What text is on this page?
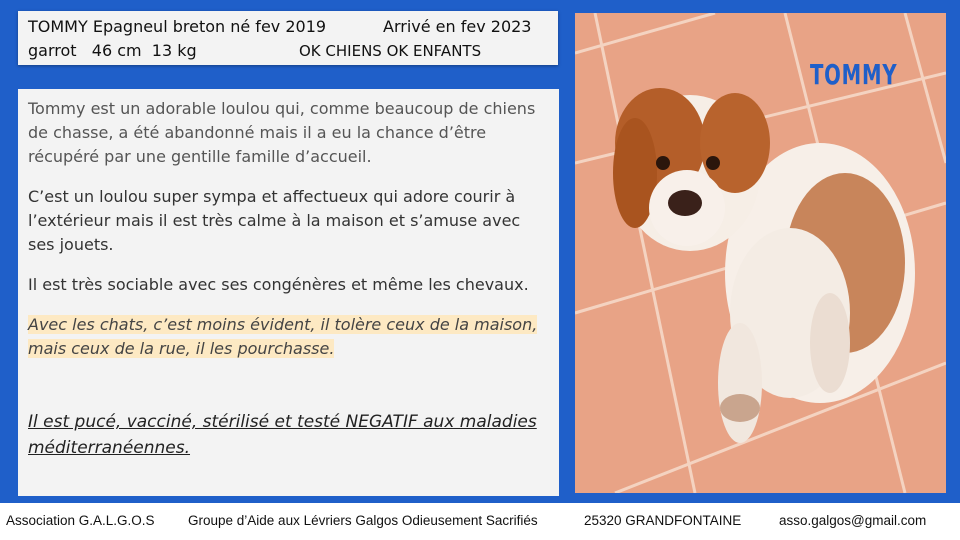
TOMMY Epagneul breton né fev 2019	Arrivé en fev 2023
garrot   46 cm  13 kg	OK CHIENS OK ENFANTS

Tommy est un adorable loulou qui, comme beaucoup de chiens de chasse, a été abandonné mais il a eu la chance d’être récupéré par une gentille famille d’accueil.

C’est un loulou super sympa et affectueux qui adore courir à l’extérieur mais il est très calme à la maison et s’amuse avec ses jouets.

Il est très sociable avec ses congénères et même les chevaux.

Avec les chats, c’est moins évident, il tolère ceux de la maison, mais ceux de la rue, il les pourchasse.

Il est pucé, vacciné, stérilisé et testé NEGATIF aux maladies méditerranéennes.

TOMMY
Association G.A.L.G.O.S Groupe d’Aide aux Lévriers Galgos Odieusement Sacrifiés	25320 GRANDFONTAINE	asso.galgos@gmail.com
